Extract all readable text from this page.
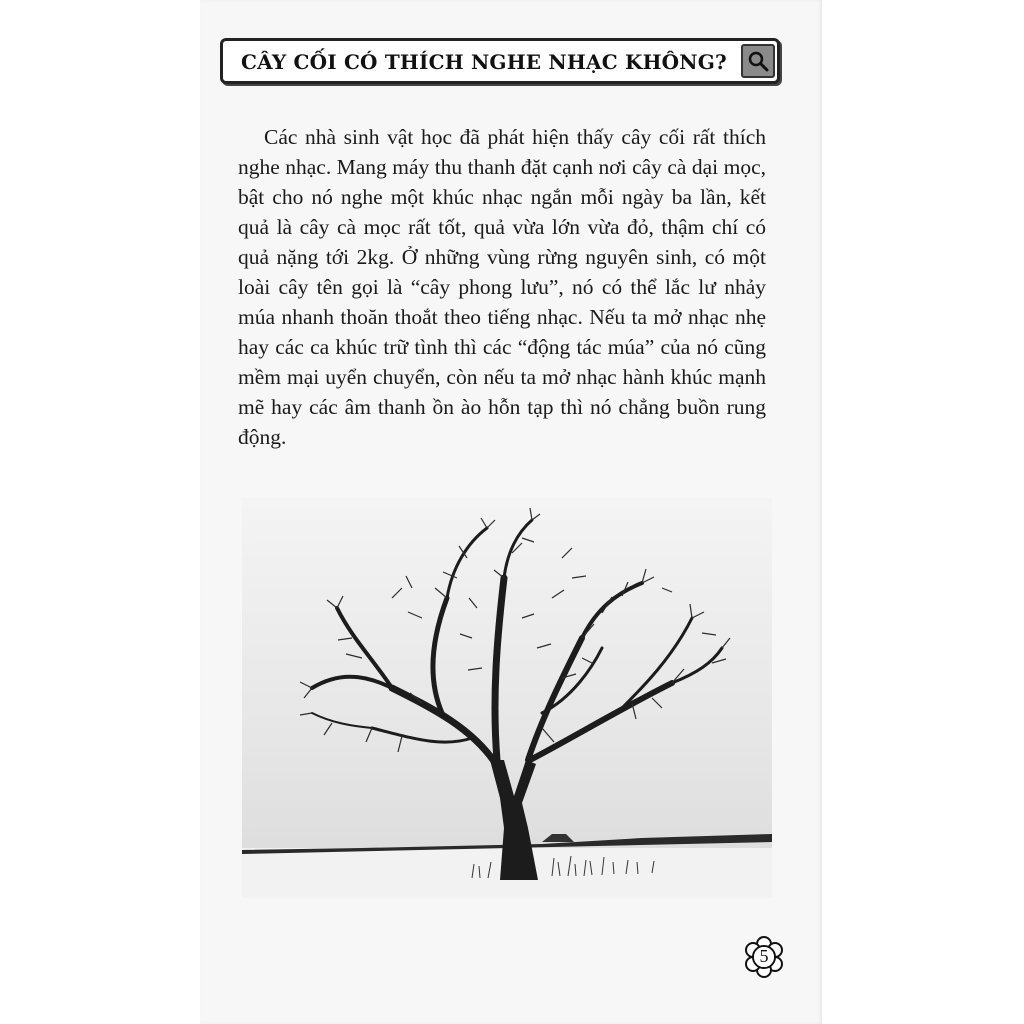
CÂY CỐI CÓ THÍCH NGHE NHẠC KHÔNG?

Các nhà sinh vật học đã phát hiện thấy cây cối rất thích nghe nhạc. Mang máy thu thanh đặt cạnh nơi cây cà dại mọc, bật cho nó nghe một khúc nhạc ngắn mỗi ngày ba lần, kết quả là cây cà mọc rất tốt, quả vừa lớn vừa đỏ, thậm chí có quả nặng tới 2kg. Ở những vùng rừng nguyên sinh, có một loài cây tên gọi là “cây phong lưu”, nó có thể lắc lư nhảy múa nhanh thoăn thoắt theo tiếng nhạc. Nếu ta mở nhạc nhẹ hay các ca khúc trữ tình thì các “động tác múa” của nó cũng mềm mại uyển chuyển, còn nếu ta mở nhạc hành khúc mạnh mẽ hay các âm thanh ồn ào hỗn tạp thì nó chẳng buồn rung động.

5
